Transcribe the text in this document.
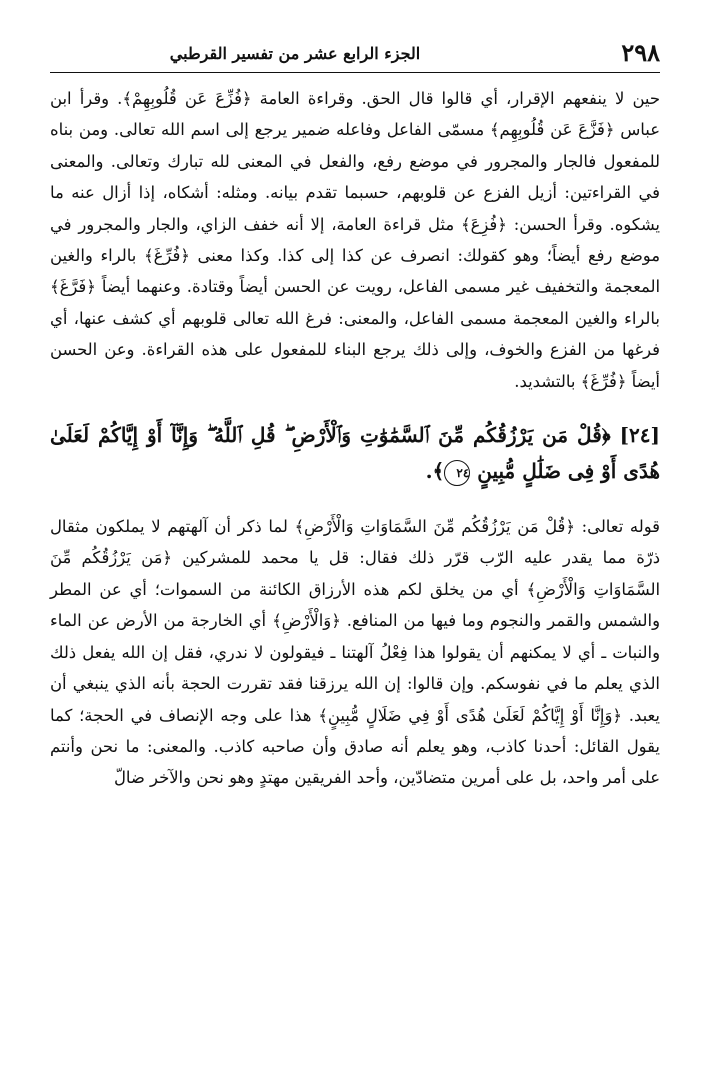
٢٩٨
الجزء الرابع عشر من تفسير القرطبي

حين لا ينفعهم الإقرار، أي قالوا قال الحق. وقراءة العامة ﴿فُزِّعَ عَن قُلُوبِهِمْ﴾. وقرأ ابن عباس ﴿فَزَّعَ عَن قُلُوبِهِم﴾ مسمّى الفاعل وفاعله ضمير يرجع إلى اسم الله تعالى. ومن بناه للمفعول فالجار والمجرور في موضع رفع، والفعل في المعنى لله تبارك وتعالى. والمعنى في القراءتين: أزيل الفزع عن قلوبهم، حسبما تقدم بيانه. ومثله: أشكاه، إذا أزال عنه ما يشكوه. وقرأ الحسن: ﴿فُزِعَ﴾ مثل قراءة العامة، إلا أنه خفف الزاي، والجار والمجرور في موضع رفع أيضاً؛ وهو كقولك: انصرف عن كذا إلى كذا. وكذا معنى ﴿فُرِّغَ﴾ بالراء والغين المعجمة والتخفيف غير مسمى الفاعل، رويت عن الحسن أيضاً وقتادة. وعنهما أيضاً ﴿فَرَّغَ﴾ بالراء والغين المعجمة مسمى الفاعل، والمعنى: فرغ الله تعالى قلوبهم أي كشف عنها، أي فرغها من الفزع والخوف، وإلى ذلك يرجع البناء للمفعول على هذه القراءة. وعن الحسن أيضاً ﴿فُرِّغَ﴾ بالتشديد.

[٢٤] ﴿قُلْ مَن يَرْزُقُكُم مِّنَ ٱلسَّمَٰوَٰتِ وَٱلْأَرْضِ ۖ قُلِ ٱللَّهُ ۖ وَإِنَّآ أَوْ إِيَّاكُمْ لَعَلَىٰ هُدًى أَوْ فِى ضَلَٰلٍ مُّبِينٍ ٢٤﴾.

قوله تعالى: ﴿قُلْ مَن يَرْزُقُكُم مِّنَ السَّمَاوَاتِ وَالْأَرْضِ﴾ لما ذكر أن آلهتهم لا يملكون مثقال ذرّة مما يقدر عليه الرّب قرّر ذلك فقال: قل يا محمد للمشركين ﴿مَن يَرْزُقُكُم مِّنَ السَّمَاوَاتِ وَالْأَرْضِ﴾ أي من يخلق لكم هذه الأرزاق الكائنة من السموات؛ أي عن المطر والشمس والقمر والنجوم وما فيها من المنافع. ﴿وَالْأَرْضِ﴾ أي الخارجة من الأرض عن الماء والنبات ـ أي لا يمكنهم أن يقولوا هذا فِعْلُ آلهتنا ـ فيقولون لا ندري، فقل إن الله يفعل ذلك الذي يعلم ما في نفوسكم. وإن قالوا: إن الله يرزقنا فقد تقررت الحجة بأنه الذي ينبغي أن يعبد. ﴿وَإِنَّا أَوْ إِيَّاكُمْ لَعَلَىٰ هُدًى أَوْ فِي ضَلَالٍ مُّبِينٍ﴾ هذا على وجه الإنصاف في الحجة؛ كما يقول القائل: أحدنا كاذب، وهو يعلم أنه صادق وأن صاحبه كاذب. والمعنى: ما نحن وأنتم على أمر واحد، بل على أمرين متضادّين، وأحد الفريقين مهتدٍ وهو نحن والآخر ضالّ
